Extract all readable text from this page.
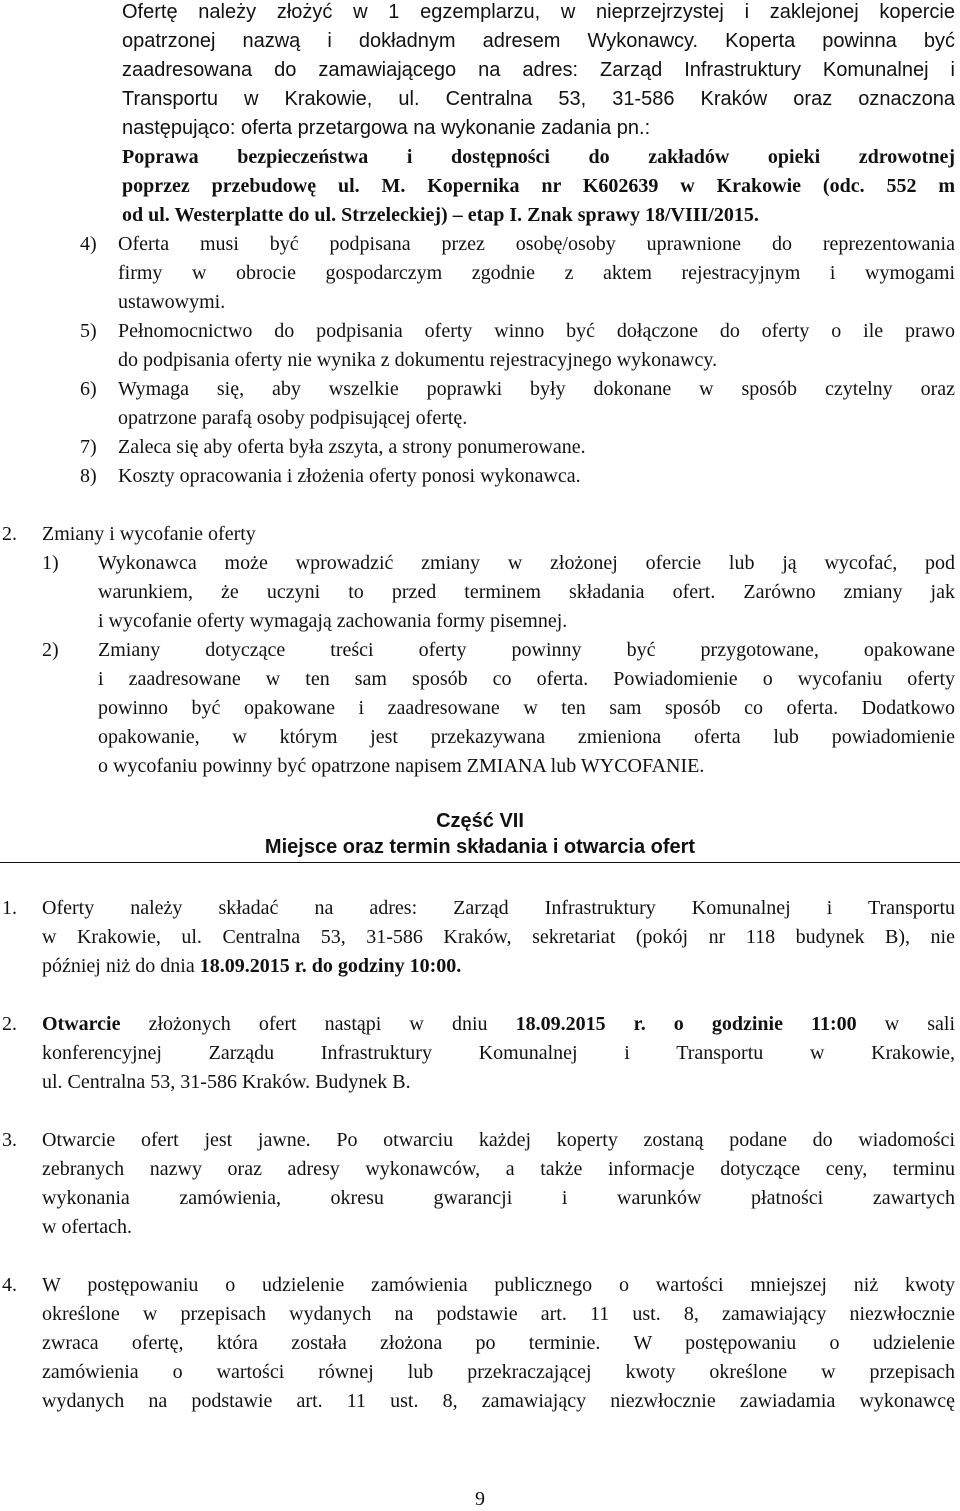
Ofertę należy złożyć w 1 egzemplarzu, w nieprzejrzystej i zaklejonej kopercie
opatrzonej nazwą i dokładnym adresem Wykonawcy. Koperta powinna być
zaadresowana do zamawiającego na adres: Zarząd Infrastruktury Komunalnej i
Transportu w Krakowie, ul. Centralna 53, 31-586 Kraków oraz oznaczona
następująco: oferta przetargowa na wykonanie zadania pn.:
Poprawa bezpieczeństwa i dostępności do zakładów opieki zdrowotnej
poprzez przebudowę ul. M. Kopernika nr K602639 w Krakowie (odc. 552 m
od ul. Westerplatte do ul. Strzeleckiej) – etap I. Znak sprawy 18/VIII/2015.
4) Oferta musi być podpisana przez osobę/osoby uprawnione do reprezentowania
firmy w obrocie gospodarczym zgodnie z aktem rejestracyjnym i wymogami
ustawowymi.
5) Pełnomocnictwo do podpisania oferty winno być dołączone do oferty o ile prawo
do podpisania oferty nie wynika z dokumentu rejestracyjnego wykonawcy.
6) Wymaga się, aby wszelkie poprawki były dokonane w sposób czytelny oraz
opatrzone parafą osoby podpisującej ofertę.
7) Zaleca się aby oferta była zszyta, a strony ponumerowane.
8) Koszty opracowania i złożenia oferty ponosi wykonawca.
2. Zmiany i wycofanie oferty
1) Wykonawca może wprowadzić zmiany w złożonej ofercie lub ją wycofać, pod
warunkiem, że uczyni to przed terminem składania ofert. Zarówno zmiany jak
i wycofanie oferty wymagają zachowania formy pisemnej.
2) Zmiany dotyczące treści oferty powinny być przygotowane, opakowane
i zaadresowane w ten sam sposób co oferta. Powiadomienie o wycofaniu oferty
powinno być opakowane i zaadresowane w ten sam sposób co oferta. Dodatkowo
opakowanie, w którym jest przekazywana zmieniona oferta lub powiadomienie
o wycofaniu powinny być opatrzone napisem ZMIANA lub WYCOFANIE.
Część VII
Miejsce oraz termin składania i otwarcia ofert
1. Oferty należy składać na adres: Zarząd Infrastruktury Komunalnej i Transportu
w Krakowie, ul. Centralna 53, 31-586 Kraków, sekretariat (pokój nr 118 budynek B), nie
później niż do dnia 18.09.2015 r. do godziny 10:00.
2. Otwarcie złożonych ofert nastąpi w dniu 18.09.2015 r. o godzinie 11:00 w sali
konferencyjnej Zarządu Infrastruktury Komunalnej i Transportu w Krakowie,
ul. Centralna 53, 31-586 Kraków. Budynek B.
3. Otwarcie ofert jest jawne. Po otwarciu każdej koperty zostaną podane do wiadomości
zebranych nazwy oraz adresy wykonawców, a także informacje dotyczące ceny, terminu
wykonania zamówienia, okresu gwarancji i warunków płatności zawartych
w ofertach.
4. W postępowaniu o udzielenie zamówienia publicznego o wartości mniejszej niż kwoty
określone w przepisach wydanych na podstawie art. 11 ust. 8, zamawiający niezwłocznie
zwraca ofertę, która została złożona po terminie. W postępowaniu o udzielenie
zamówienia o wartości równej lub przekraczającej kwoty określone w przepisach
wydanych na podstawie art. 11 ust. 8, zamawiający niezwłocznie zawiadamia wykonawcę
9
